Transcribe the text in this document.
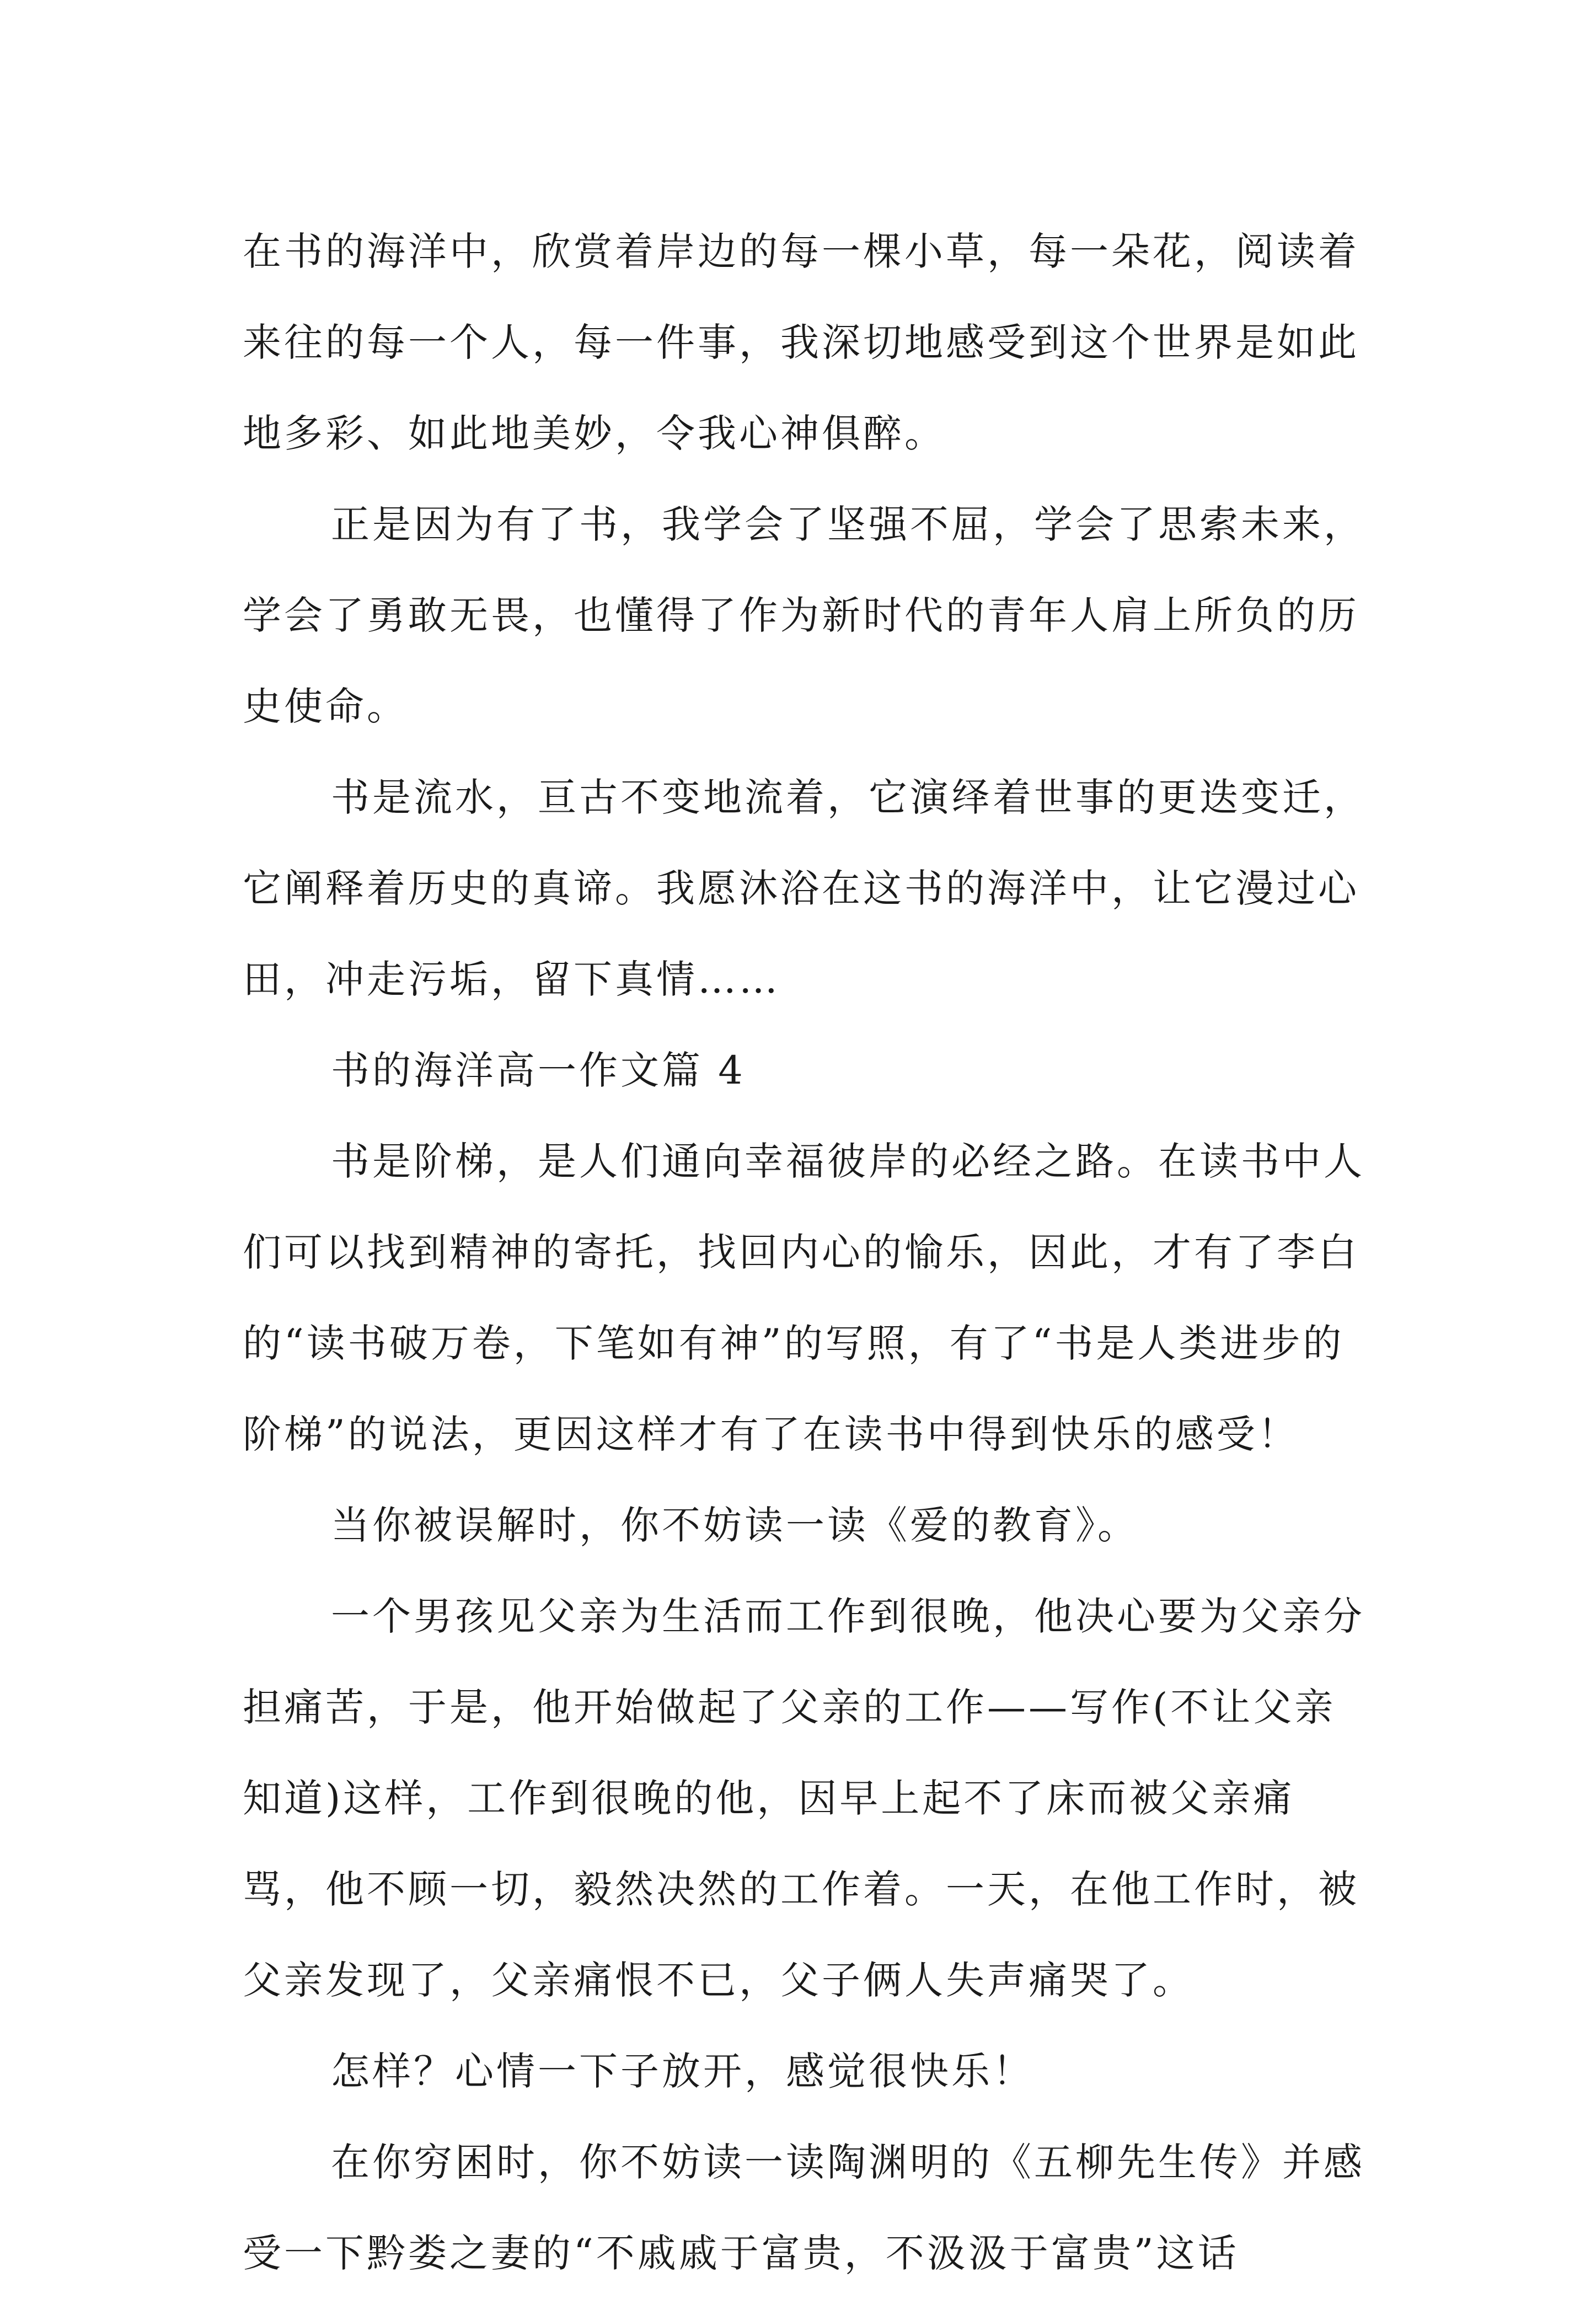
在书的海洋中，欣赏着岸边的每一棵小草，每一朵花，阅读着来往的每一个人，每一件事，我深切地感受到这个世界是如此地多彩、如此地美妙，令我心神俱醉。

正是因为有了书，我学会了坚强不屈，学会了思索未来，学会了勇敢无畏，也懂得了作为新时代的青年人肩上所负的历史使命。

书是流水，亘古不变地流着，它演绎着世事的更迭变迁，它阐释着历史的真谛。我愿沐浴在这书的海洋中，让它漫过心田，冲走污垢，留下真情……

书的海洋高一作文篇 4

书是阶梯，是人们通向幸福彼岸的必经之路。在读书中人们可以找到精神的寄托，找回内心的愉乐，因此，才有了李白的“读书破万卷，下笔如有神”的写照，有了“书是人类进步的阶梯”的说法，更因这样才有了在读书中得到快乐的感受！

当你被误解时，你不妨读一读《爱的教育》。

一个男孩见父亲为生活而工作到很晚，他决心要为父亲分担痛苦，于是，他开始做起了父亲的工作——写作(不让父亲知道)这样，工作到很晚的他，因早上起不了床而被父亲痛骂，他不顾一切，毅然决然的工作着。一天，在他工作时，被父亲发现了，父亲痛恨不已，父子俩人失声痛哭了。

怎样？心情一下子放开，感觉很快乐！

在你穷困时，你不妨读一读陶渊明的《五柳先生传》并感受一下黔娄之妻的“不戚戚于富贵，不汲汲于富贵”这话
